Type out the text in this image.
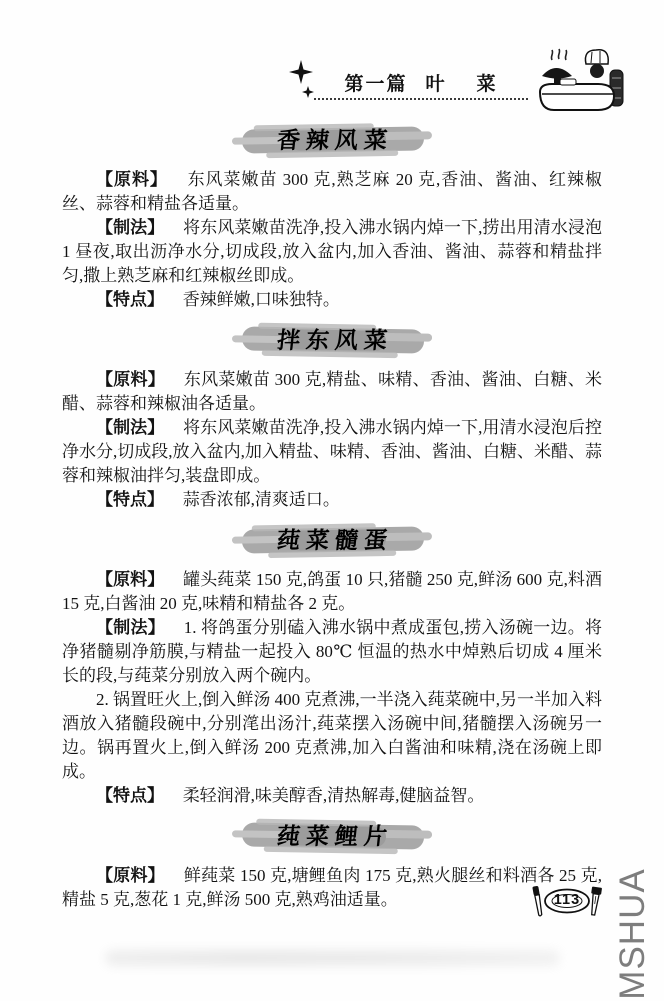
第一篇 叶 菜
香辣风菜

【原料】 东风菜嫩苗 300 克,熟芝麻 20 克,香油、酱油、红辣椒丝、蒜蓉和精盐各适量。

【制法】 将东风菜嫩苗洗净,投入沸水锅内焯一下,捞出用清水浸泡 1 昼夜,取出沥净水分,切成段,放入盆内,加入香油、酱油、蒜蓉和精盐拌匀,撒上熟芝麻和红辣椒丝即成。

【特点】 香辣鲜嫩,口味独特。

拌东风菜

【原料】 东风菜嫩苗 300 克,精盐、味精、香油、酱油、白糖、米醋、蒜蓉和辣椒油各适量。

【制法】 将东风菜嫩苗洗净,投入沸水锅内焯一下,用清水浸泡后控净水分,切成段,放入盆内,加入精盐、味精、香油、酱油、白糖、米醋、蒜蓉和辣椒油拌匀,装盘即成。

【特点】 蒜香浓郁,清爽适口。

莼菜髓蛋

【原料】 罐头莼菜 150 克,鸽蛋 10 只,猪髓 250 克,鲜汤 600 克,料酒 15 克,白酱油 20 克,味精和精盐各 2 克。

【制法】 1. 将鸽蛋分别磕入沸水锅中煮成蛋包,捞入汤碗一边。将净猪髓剔净筋膜,与精盐一起投入 80℃ 恒温的热水中焯熟后切成 4 厘米长的段,与莼菜分别放入两个碗内。

2. 锅置旺火上,倒入鲜汤 400 克煮沸,一半浇入莼菜碗中,另一半加入料酒放入猪髓段碗中,分别滗出汤汁,莼菜摆入汤碗中间,猪髓摆入汤碗另一边。锅再置火上,倒入鲜汤 200 克煮沸,加入白酱油和味精,浇在汤碗上即成。

【特点】 柔轻润滑,味美醇香,清热解毒,健脑益智。

莼菜鲤片

【原料】 鲜莼菜 150 克,塘鲤鱼肉 175 克,熟火腿丝和料酒各 25 克,精盐 5 克,葱花 1 克,鲜汤 500 克,熟鸡油适量。	113 MSHUA
